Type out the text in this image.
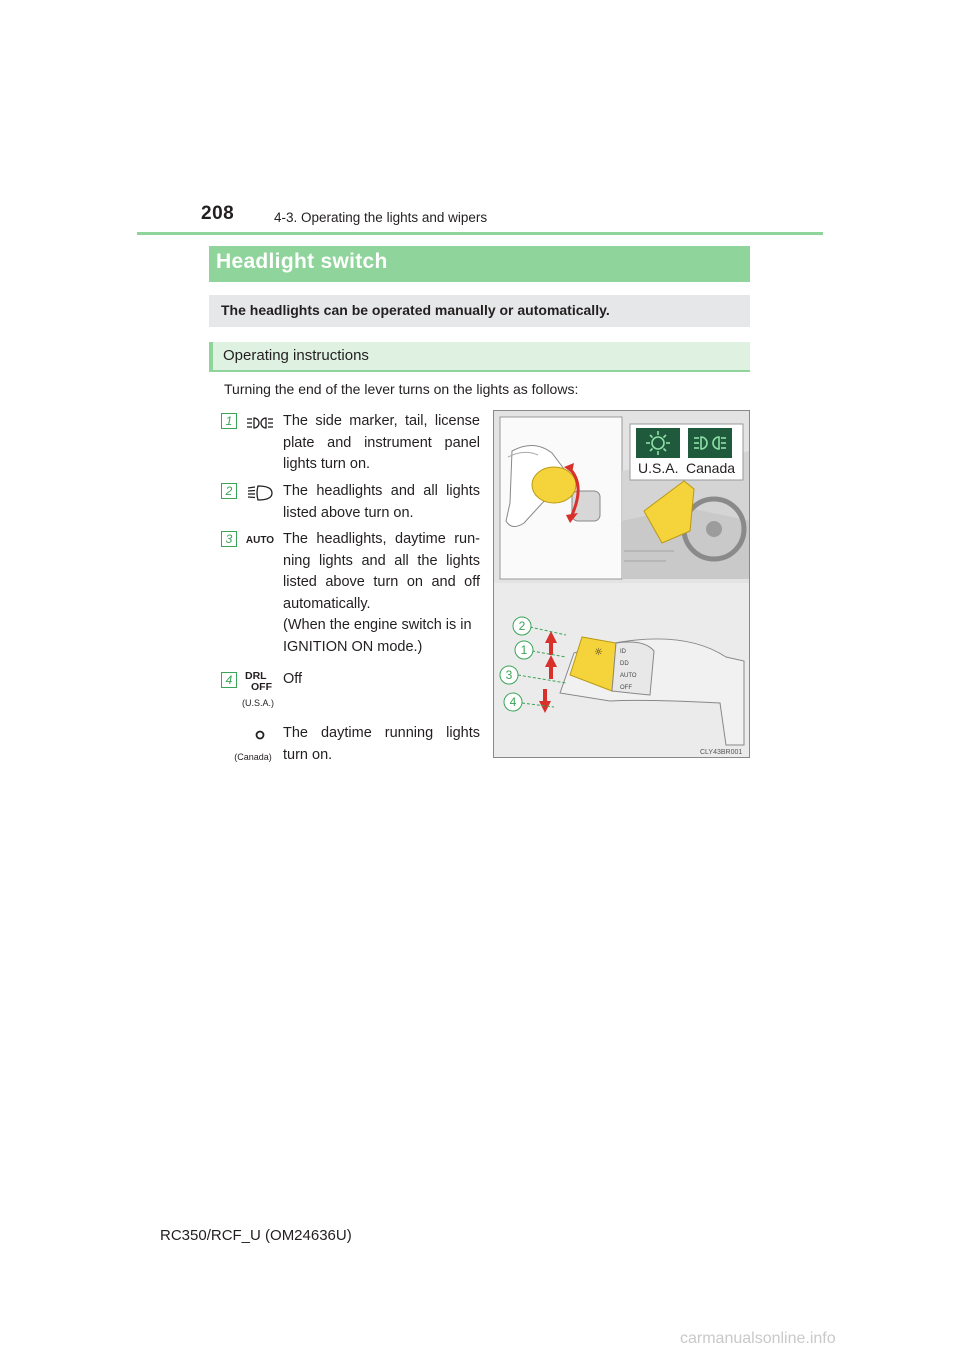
208	4-3. Operating the lights and wipers
Headlight switch
The headlights can be operated manually or automatically.
Operating instructions
Turning the end of the lever turns on the lights as follows:
1	The side marker, tail, license plate and instrument panel lights turn on.
2	The headlights and all lights listed above turn on.
3	AUTO The headlights, daytime run-ning lights and all the lights listed above turn on and off automatically.
(When the engine switch is in IGNITION ON mode.)
4	DRL
OFF
(U.S.A.)
Off
(Canada)
The daytime running lights turn on.
U.S.A. Canada
ID
DD
AUTO
OFF
☼
2
1
3
4
CLY43BR001
RC350/RCF_U (OM24636U)
carmanualsonline.info
